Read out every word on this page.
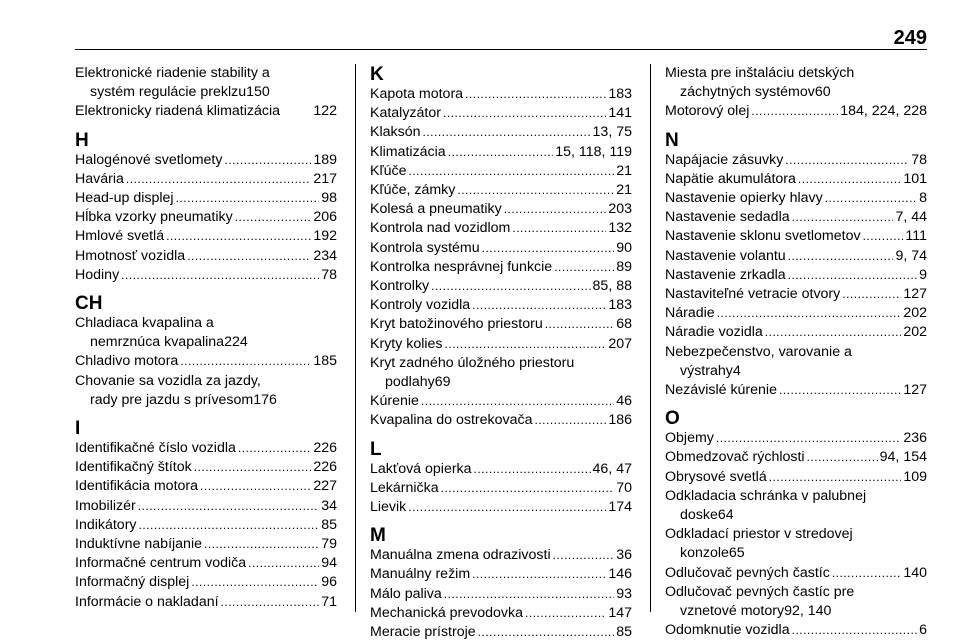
249
Elektronické riadenie stability a
systém regulácie preklzu 150
Elektronicky riadená klimatizácia 122
H
Halogénové svetlomety .....	189
Havária .....	217
Head-up displej .....	98
Hĺbka vzorky pneumatiky .....	206
Hmlové svetlá .....	192
Hmotnosť vozidla .....	234
Hodiny .....	78
CH
Chladiaca kvapalina a
nemrznúca kvapalina 224
Chladivo motora .....	185
Chovanie sa vozidla za jazdy,
rady pre jazdu s prívesom 176
I
Identifikačné číslo vozidla .....	226
Identifikačný štítok .....	226
Identifikácia motora .....	227
Imobilizér .....	34
Indikátory .....	85
Induktívne nabíjanie .....	79
Informačné centrum vodiča .....	94
Informačný displej .....	96
Informácie o nakladaní .....	71
K
Kapota motora .....	183
Katalyzátor .....	141
Klaksón .....	13, 75
Klimatizácia .....	15, 118, 119
Kľúče .....	21
Kľúče, zámky .....	21
Kolesá a pneumatiky .....	203
Kontrola nad vozidlom .....	132
Kontrola systému .....	90
Kontrolka nesprávnej funkcie .....	89
Kontrolky .....	85, 88
Kontroly vozidla .....	183
Kryt batožinového priestoru .....	68
Kryty kolies .....	207
Kryt zadného úložného priestoru
podlahy 69
Kúrenie .....	46
Kvapalina do ostrekovača .....	186
L
Lakťová opierka .....	46, 47
Lekárnička .....	70
Lievik .....	174
M
Manuálna zmena odrazivosti .....	36
Manuálny režim .....	146
Málo paliva .....	93
Mechanická prevodovka .....	147
Meracie prístroje .....	85
Miesta pre inštaláciu detských
záchytných systémov 60
Motorový olej .....	184, 224, 228
N
Napájacie zásuvky .....	78
Napätie akumulátora .....	101
Nastavenie opierky hlavy .....	8
Nastavenie sedadla .....	7, 44
Nastavenie sklonu svetlometov .....	111
Nastavenie volantu .....	9, 74
Nastavenie zrkadla .....	9
Nastaviteľné vetracie otvory .....	127
Náradie .....	202
Náradie vozidla .....	202
Nebezpečenstvo, varovanie a
výstrahy 4
Nezávislé kúrenie .....	127
O
Objemy .....	236
Obmedzovač rýchlosti .....	94, 154
Obrysové svetlá .....	109
Odkladacia schránka v palubnej
doske 64
Odkladací priestor v stredovej
konzole 65
Odlučovač pevných častíc .....	140
Odlučovač pevných častíc pre
vznetové motory 92, 140
Odomknutie vozidla .....	6
